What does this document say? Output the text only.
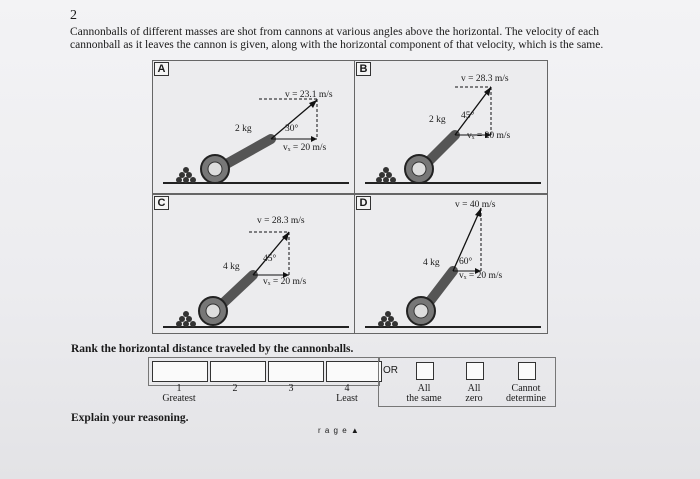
2
Cannonballs of different masses are shot from cannons at various angles above the horizontal. The velocity of each
cannonball as it leaves the cannon is given, along with the horizontal component of that velocity, which is the same.
A
v = 23.1 m/s
2 kg	30°
vₓ = 20 m/s
B
v = 28.3 m/s
2 kg 45°
vₓ = 20 m/s
C
v = 28.3 m/s
4 kg
45°
vₓ = 20 m/s
D	v = 40 m/s
4 kg 60°
vₓ = 20 m/s
Rank the horizontal distance traveled by the cannonballs.
1	2	3	4
Greatest	Least
OR
All
the same
All
zero
Cannot
determine
Explain your reasoning.
r a g e ▲
